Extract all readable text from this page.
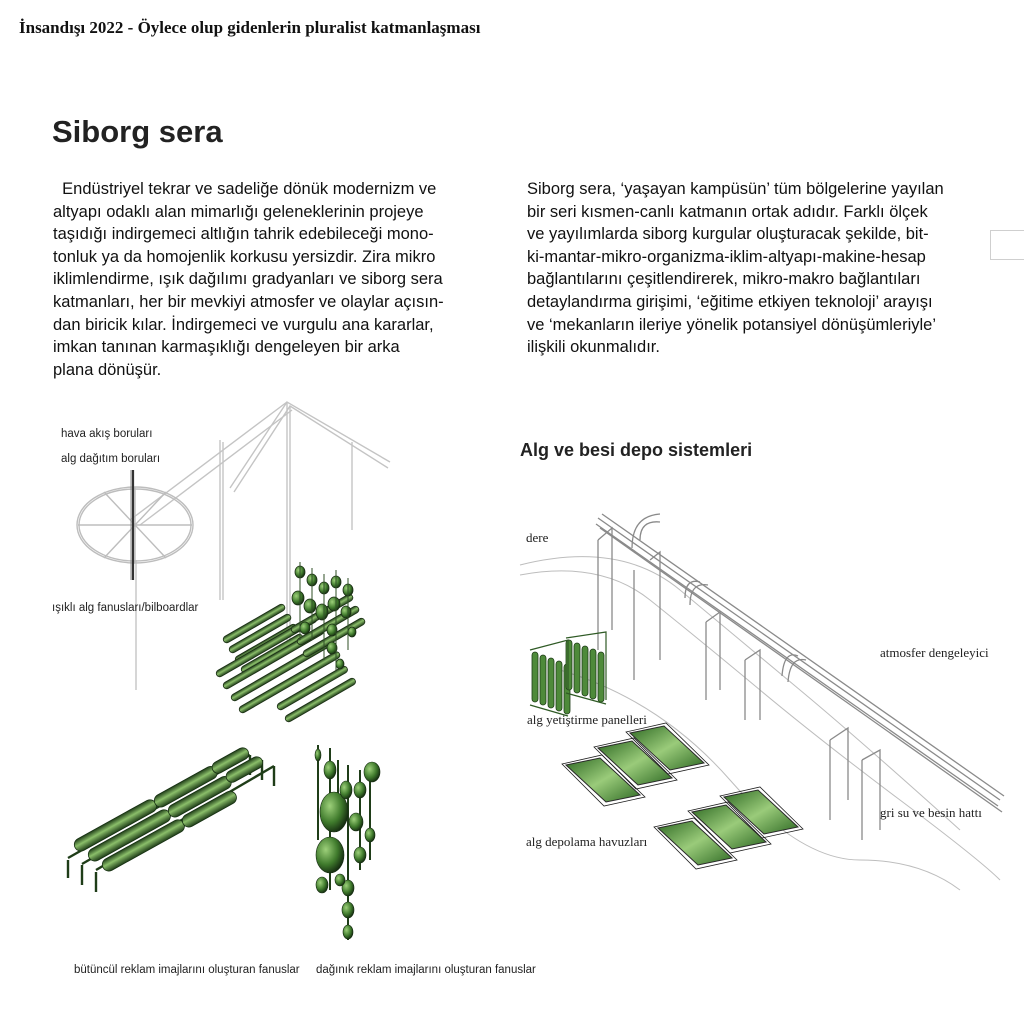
İnsandışı 2022 - Öylece olup gidenlerin pluralist katmanlaşması
Siborg sera

Endüstriyel tekrar ve sadeliğe dönük modernizm ve
altyapı odaklı alan mimarlığı geleneklerinin projeye
taşıdığı indirgemeci altlığın tahrik edebileceği mono-
tonluk ya da homojenlik korkusu yersizdir. Zira mikro
iklimlendirme, ışık dağılımı gradyanları ve siborg sera
katmanları, her bir mevkiyi atmosfer ve olaylar açısın-
dan biricik kılar. İndirgemeci ve vurgulu ana kararlar,
imkan tanınan karmaşıklığı dengeleyen bir arka
plana dönüşür.

Siborg sera, ‘yaşayan kampüsün’ tüm bölgelerine yayılan
bir seri kısmen-canlı katmanın ortak adıdır. Farklı ölçek
ve yayılımlarda siborg kurgular oluşturacak şekilde, bit-
ki-mantar-mikro-organizma-iklim-altyapı-makine-hesap
bağlantılarını çeşitlendirerek, mikro-makro bağlantıları
detaylandırma girişimi, ‘eğitime etkiyen teknoloji’ arayışı
ve ‘mekanların ileriye yönelik potansiyel dönüşümleriyle’
ilişkili okunmalıdır.

hava akış boruları
alg dağıtım boruları
ışıklı alg fanusları/bilboardlar
bütüncül reklam imajlarını oluşturan fanuslar dağınık reklam imajlarını oluşturan fanuslar
Alg ve besi depo sistemleri
dere
atmosfer dengeleyici
alg yetiştirme panelleri
gri su ve besin hattı
alg depolama havuzları
